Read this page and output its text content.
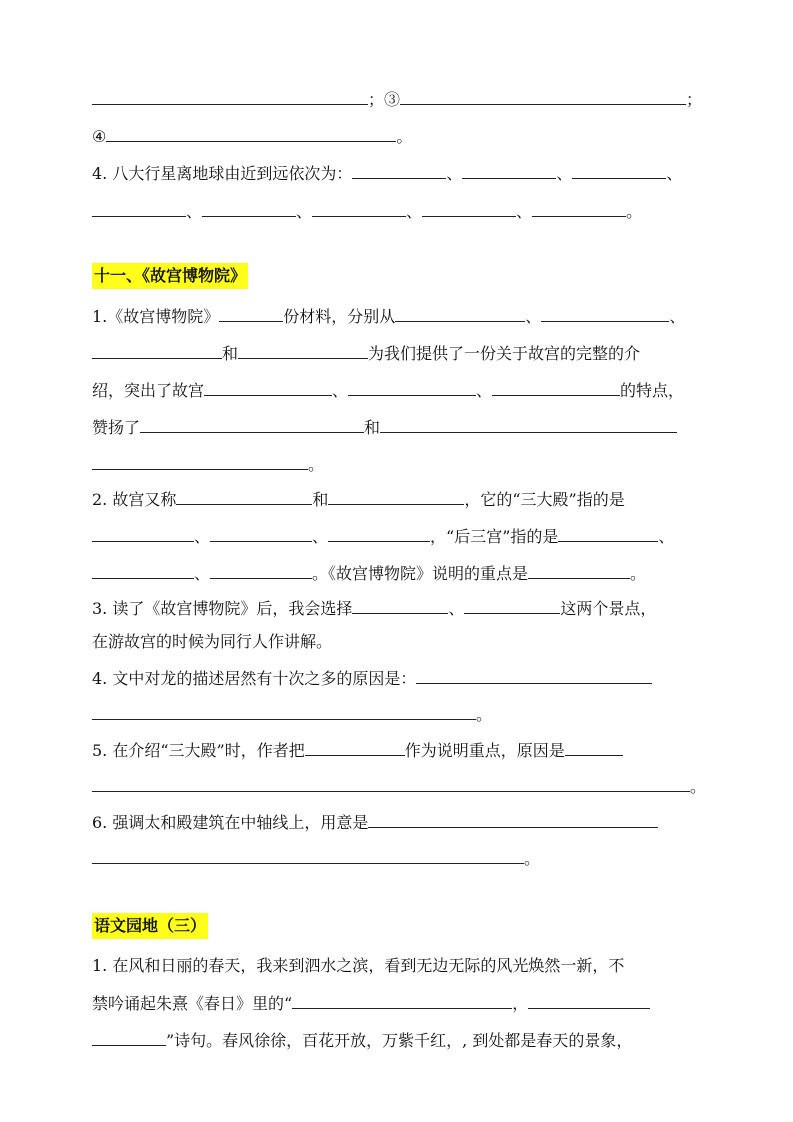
；③	；
④	。
4. 八大行星离地球由近到远依次为：	、	、	、
、	、	、	、	。
十一、《故宫博物院》
1.《故宫博物院》	份材料，分别从	、	、
和	为我们提供了一份关于故宫的完整的介
绍，突出了故宫	、	、	的特点，
赞扬了	和
。
2. 故宫又称	和	，它的“三大殿”指的是
、	、	，“后三宫”指的是	、
、	。《故宫博物院》说明的重点是	。
3. 读了《故宫博物院》后，我会选择	、	这两个景点，
在游故宫的时候为同行人作讲解。
4. 文中对龙的描述居然有十次之多的原因是：
。
5. 在介绍“三大殿”时，作者把	作为说明重点，原因是
。
6. 强调太和殿建筑在中轴线上，用意是
。
语文园地（三）
1. 在风和日丽的春天，我来到泗水之滨，看到无边无际的风光焕然一新，不
禁吟诵起朱熹《春日》里的“	，
”诗句。春风徐徐，百花开放，万紫千红，, 到处都是春天的景象，
